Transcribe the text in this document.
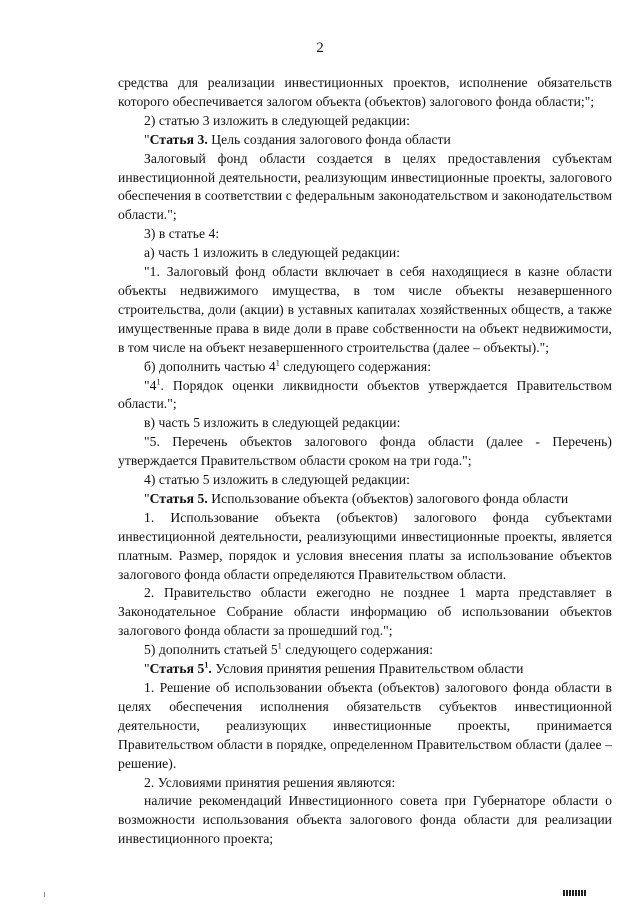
2

средства для реализации инвестиционных проектов, исполнение обязательств которого обеспечивается залогом объекта (объектов) залогового фонда области;";

2) статью 3 изложить в следующей редакции:

"Статья 3. Цель создания залогового фонда области

Залоговый фонд области создается в целях предоставления субъектам инвестиционной деятельности, реализующим инвестиционные проекты, залогового обеспечения в соответствии с федеральным законодательством и законодательством области.";

3) в статье 4:

а) часть 1 изложить в следующей редакции:

"1. Залоговый фонд области включает в себя находящиеся в казне области объекты недвижимого имущества, в том числе объекты незавершенного строительства, доли (акции) в уставных капиталах хозяйственных обществ, а также имущественные права в виде доли в праве собственности на объект недвижимости, в том числе на объект незавершенного строительства (далее – объекты).";

б) дополнить частью $4^1$ следующего содержания:

"$4^1$. Порядок оценки ликвидности объектов утверждается Правительством области.";

в) часть 5 изложить в следующей редакции:

"5. Перечень объектов залогового фонда области (далее - Перечень) утверждается Правительством области сроком на три года.";

4) статью 5 изложить в следующей редакции:

"Статья 5. Использование объекта (объектов) залогового фонда области

1. Использование объекта (объектов) залогового фонда субъектами инвестиционной деятельности, реализующими инвестиционные проекты, является платным. Размер, порядок и условия внесения платы за использование объектов залогового фонда области определяются Правительством области.

2. Правительство области ежегодно не позднее 1 марта представляет в Законодательное Собрание области информацию об использовании объектов залогового фонда области за прошедший год.";

5) дополнить статьей $5^1$ следующего содержания:

"Статья $5^1$. Условия принятия решения Правительством области

1. Решение об использовании объекта (объектов) залогового фонда области в целях обеспечения исполнения обязательств субъектов инвестиционной деятельности, реализующих инвестиционные проекты, принимается Правительством области в порядке, определенном Правительством области (далее – решение).

2. Условиями принятия решения являются:

наличие рекомендаций Инвестиционного совета при Губернаторе области о возможности использования объекта залогового фонда области для реализации инвестиционного проекта;
